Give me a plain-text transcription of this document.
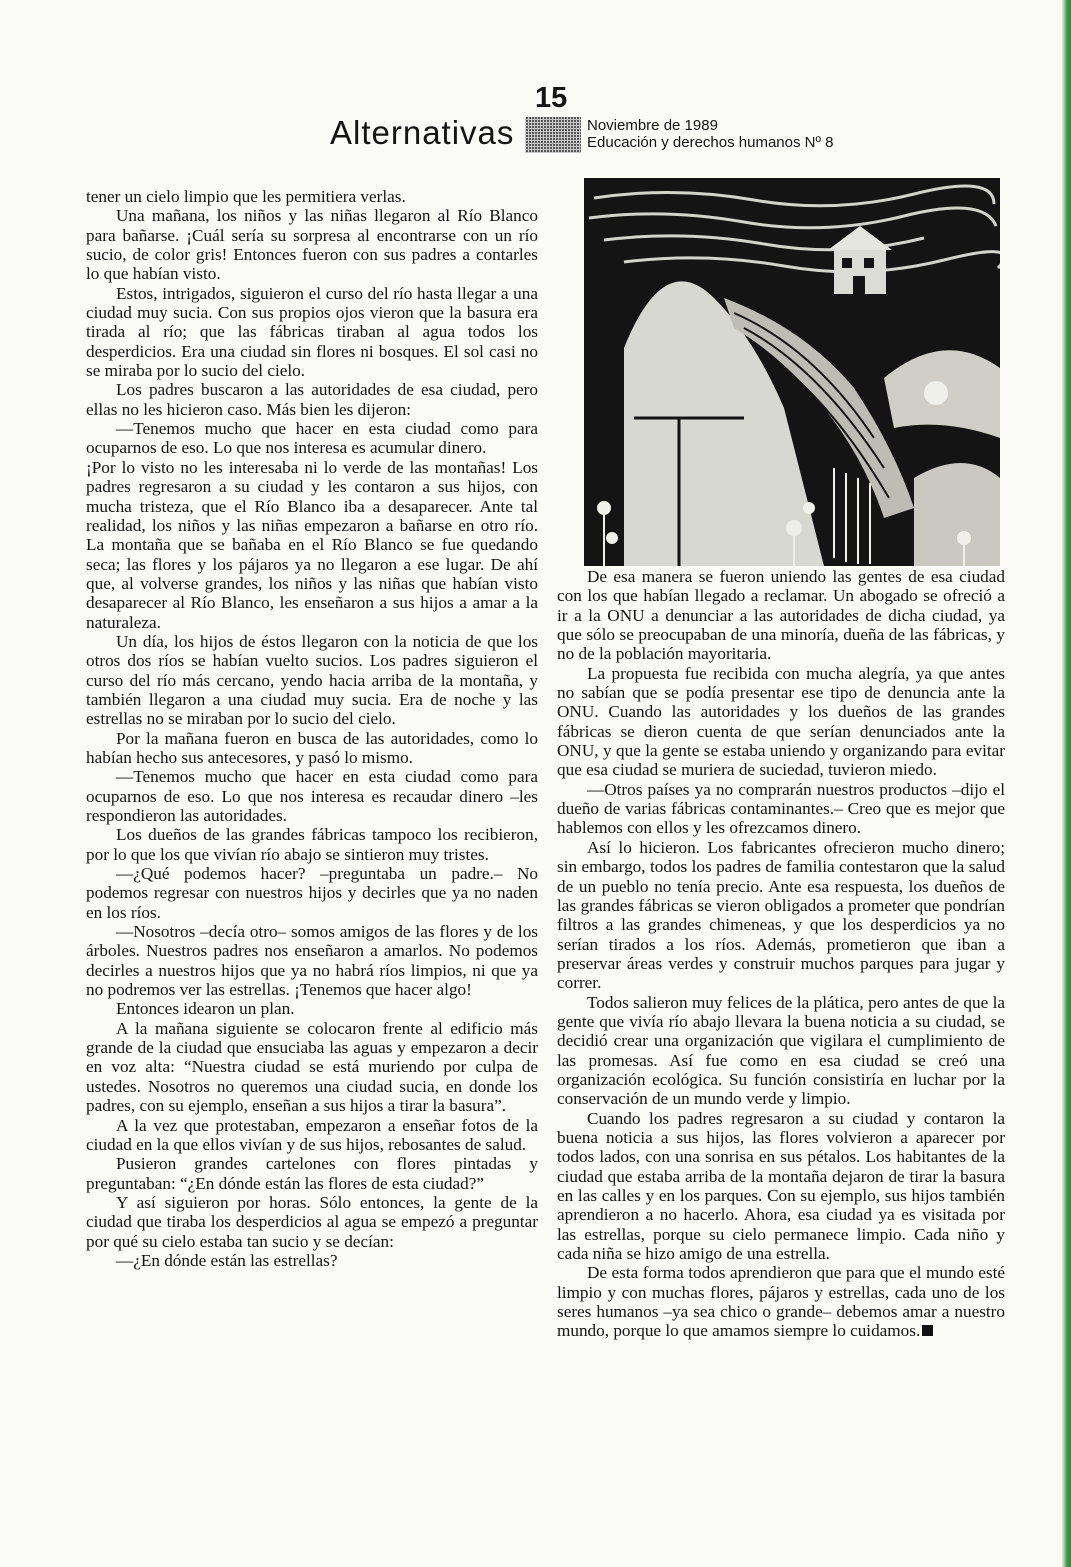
15
Alternativas	Noviembre de 1989
Educación y derechos humanos Nº 8

tener un cielo limpio que les permitiera verlas.

Una mañana, los niños y las niñas llegaron al Río Blanco para bañarse. ¡Cuál sería su sorpresa al encontrarse con un río sucio, de color gris! Entonces fueron con sus padres a contarles lo que habían visto.

Estos, intrigados, siguieron el curso del río hasta llegar a una ciudad muy sucia. Con sus propios ojos vieron que la basura era tirada al río; que las fábricas tiraban al agua todos los desperdicios. Era una ciudad sin flores ni bosques. El sol casi no se miraba por lo sucio del cielo.

Los padres buscaron a las autoridades de esa ciudad, pero ellas no les hicieron caso. Más bien les dijeron:

—Tenemos mucho que hacer en esta ciudad como para ocuparnos de eso. Lo que nos interesa es acumular dinero.

¡Por lo visto no les interesaba ni lo verde de las montañas! Los padres regresaron a su ciudad y les contaron a sus hijos, con mucha tristeza, que el Río Blanco iba a desaparecer. Ante tal realidad, los niños y las niñas empezaron a bañarse en otro río. La montaña que se bañaba en el Río Blanco se fue quedando seca; las flores y los pájaros ya no llegaron a ese lugar. De ahí que, al volverse grandes, los niños y las niñas que habían visto desaparecer al Río Blanco, les enseñaron a sus hijos a amar a la naturaleza.

Un día, los hijos de éstos llegaron con la noticia de que los otros dos ríos se habían vuelto sucios. Los padres siguieron el curso del río más cercano, yendo hacia arriba de la montaña, y también llegaron a una ciudad muy sucia. Era de noche y las estrellas no se miraban por lo sucio del cielo.

Por la mañana fueron en busca de las autoridades, como lo habían hecho sus antecesores, y pasó lo mismo.

—Tenemos mucho que hacer en esta ciudad como para ocuparnos de eso. Lo que nos interesa es recaudar dinero –les respondieron las autoridades.

Los dueños de las grandes fábricas tampoco los recibieron, por lo que los que vivían río abajo se sintieron muy tristes.

—¿Qué podemos hacer? –preguntaba un padre.– No podemos regresar con nuestros hijos y decirles que ya no naden en los ríos.

—Nosotros –decía otro– somos amigos de las flores y de los árboles. Nuestros padres nos enseñaron a amarlos. No podemos decirles a nuestros hijos que ya no habrá ríos limpios, ni que ya no podremos ver las estrellas. ¡Tenemos que hacer algo!

Entonces idearon un plan.

A la mañana siguiente se colocaron frente al edificio más grande de la ciudad que ensuciaba las aguas y empezaron a decir en voz alta: “Nuestra ciudad se está muriendo por culpa de ustedes. Nosotros no queremos una ciudad sucia, en donde los padres, con su ejemplo, enseñan a sus hijos a tirar la basura”.

A la vez que protestaban, empezaron a enseñar fotos de la ciudad en la que ellos vivían y de sus hijos, rebosantes de salud.

Pusieron grandes cartelones con flores pintadas y preguntaban: “¿En dónde están las flores de esta ciudad?”

Y así siguieron por horas. Sólo entonces, la gente de la ciudad que tiraba los desperdicios al agua se empezó a preguntar por qué su cielo estaba tan sucio y se decían:

—¿En dónde están las estrellas?

De esa manera se fueron uniendo las gentes de esa ciudad con los que habían llegado a reclamar. Un abogado se ofreció a ir a la ONU a denunciar a las autoridades de dicha ciudad, ya que sólo se preocupaban de una minoría, dueña de las fábricas, y no de la población mayoritaria.

La propuesta fue recibida con mucha alegría, ya que antes no sabían que se podía presentar ese tipo de denuncia ante la ONU. Cuando las autoridades y los dueños de las grandes fábricas se dieron cuenta de que serían denunciados ante la ONU, y que la gente se estaba uniendo y organizando para evitar que esa ciudad se muriera de suciedad, tuvieron miedo.

—Otros países ya no comprarán nuestros productos –dijo el dueño de varias fábricas contaminantes.– Creo que es mejor que hablemos con ellos y les ofrezcamos dinero.

Así lo hicieron. Los fabricantes ofrecieron mucho dinero; sin embargo, todos los padres de familia contestaron que la salud de un pueblo no tenía precio. Ante esa respuesta, los dueños de las grandes fábricas se vieron obligados a prometer que pondrían filtros a las grandes chimeneas, y que los desperdicios ya no serían tirados a los ríos. Además, prometieron que iban a preservar áreas verdes y construir muchos parques para jugar y correr.

Todos salieron muy felices de la plática, pero antes de que la gente que vivía río abajo llevara la buena noticia a su ciudad, se decidió crear una organización que vigilara el cumplimiento de las promesas. Así fue como en esa ciudad se creó una organización ecológica. Su función consistiría en luchar por la conservación de un mundo verde y limpio.

Cuando los padres regresaron a su ciudad y contaron la buena noticia a sus hijos, las flores volvieron a aparecer por todos lados, con una sonrisa en sus pétalos. Los habitantes de la ciudad que estaba arriba de la montaña dejaron de tirar la basura en las calles y en los parques. Con su ejemplo, sus hijos también aprendieron a no hacerlo. Ahora, esa ciudad ya es visitada por las estrellas, porque su cielo permanece limpio. Cada niño y cada niña se hizo amigo de una estrella.

De esta forma todos aprendieron que para que el mundo esté limpio y con muchas flores, pájaros y estrellas, cada uno de los seres humanos –ya sea chico o grande– debemos amar a nuestro mundo, porque lo que amamos siempre lo cuidamos.
